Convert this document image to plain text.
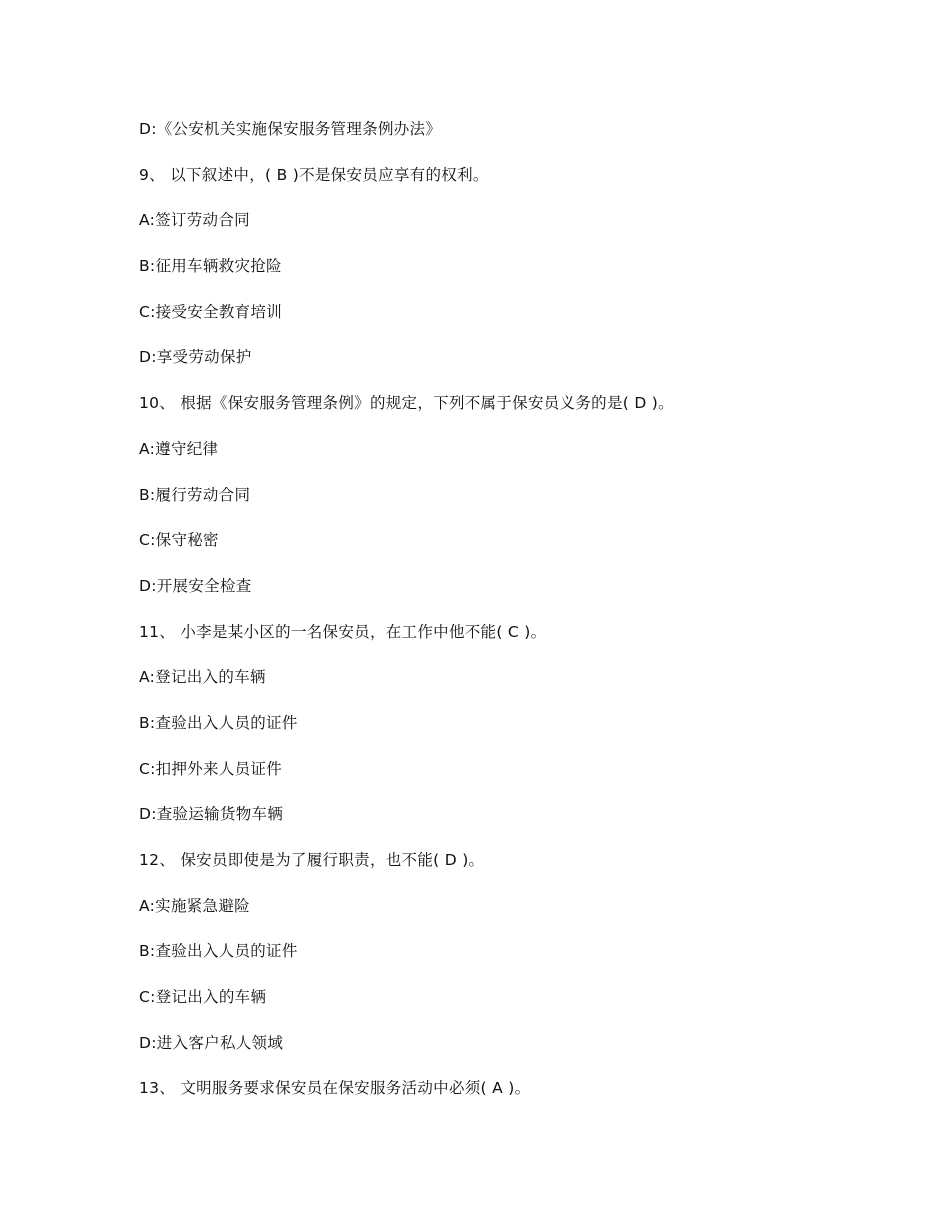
D:《公安机关实施保安服务管理条例办法》
9、 以下叙述中，( B )不是保安员应享有的权利。
A:签订劳动合同
B:征用车辆救灾抢险
C:接受安全教育培训
D:享受劳动保护
10、 根据《保安服务管理条例》的规定，下列不属于保安员义务的是( D )。
A:遵守纪律
B:履行劳动合同
C:保守秘密
D:开展安全检查
11、 小李是某小区的一名保安员，在工作中他不能( C )。
A:登记出入的车辆
B:查验出入人员的证件
C:扣押外来人员证件
D:查验运输货物车辆
12、 保安员即使是为了履行职责，也不能( D )。
A:实施紧急避险
B:查验出入人员的证件
C:登记出入的车辆
D:进入客户私人领域
13、 文明服务要求保安员在保安服务活动中必须( A )。
